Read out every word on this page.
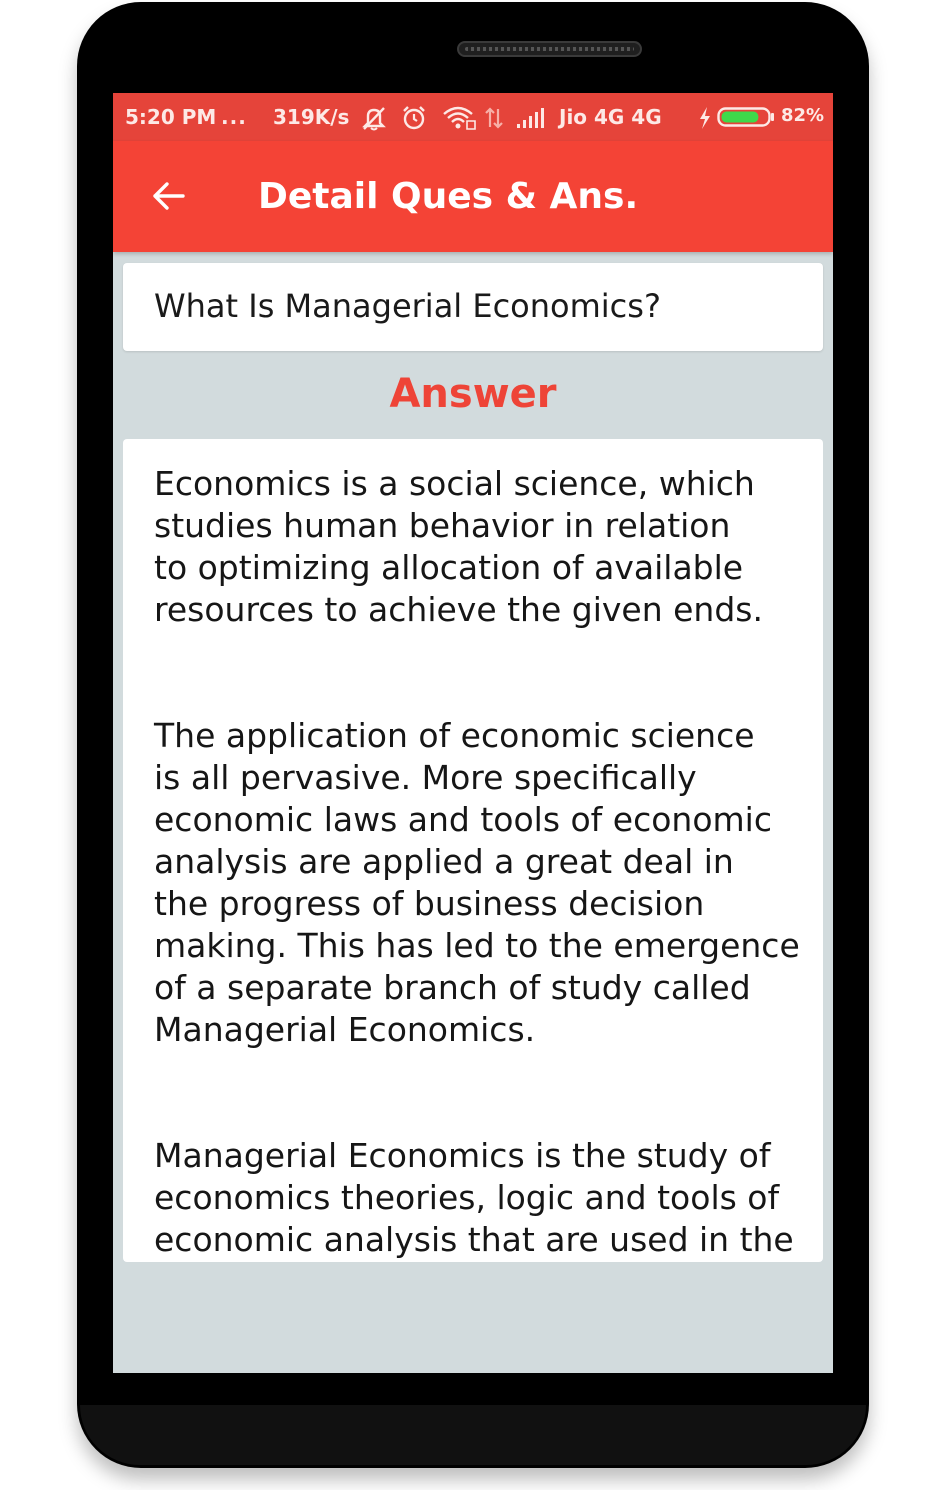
5:20 PM ... 319K/s	Jio 4G 4G	82%
Detail Ques & Ans.
What Is Managerial Economics?
Answer

Economics is a social science, which
studies human behavior in relation
to optimizing allocation of available
resources to achieve the given ends.

The application of economic science
is all pervasive. More specifically
economic laws and tools of economic
analysis are applied a great deal in
the progress of business decision
making. This has led to the emergence
of a separate branch of study called
Managerial Economics.

Managerial Economics is the study of
economics theories, logic and tools of
economic analysis that are used in the
